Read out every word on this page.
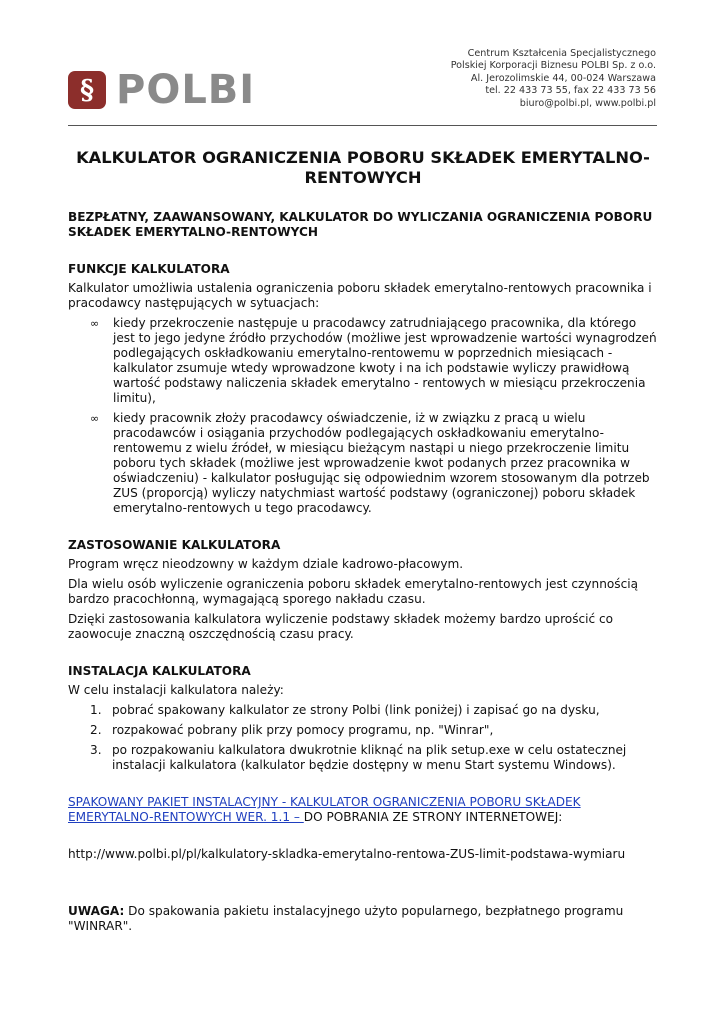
§ POLBI
Centrum Kształcenia Specjalistycznego
Polskiej Korporacji Biznesu POLBI Sp. z o.o.
Al. Jerozolimskie 44, 00-024 Warszawa
tel. 22 433 73 55, fax 22 433 73 56
biuro@polbi.pl, www.polbi.pl
KALKULATOR OGRANICZENIA POBORU SKŁADEK EMERYTALNO-RENTOWYCH
BEZPŁATNY, ZAAWANSOWANY, KALKULATOR DO WYLICZANIA OGRANICZENIA POBORU SKŁADEK EMERYTALNO-RENTOWYCH
FUNKCJE KALKULATORA

Kalkulator umożliwia ustalenia ograniczenia poboru składek emerytalno-rentowych pracownika i pracodawcy następujących w sytuacjach:

∞ kiedy przekroczenie następuje u pracodawcy zatrudniającego pracownika, dla którego jest to jego jedyne źródło przychodów (możliwe jest wprowadzenie wartości wynagrodzeń podlegających oskładkowaniu emerytalno-rentowemu w poprzednich miesiącach - kalkulator zsumuje wtedy wprowadzone kwoty i na ich podstawie wyliczy prawidłową wartość podstawy naliczenia składek emerytalno - rentowych w miesiącu przekroczenia limitu),
∞ kiedy pracownik złoży pracodawcy oświadczenie, iż w związku z pracą u wielu pracodawców i osiągania przychodów podlegających oskładkowaniu emerytalno-rentowemu z wielu źródeł, w miesiącu bieżącym nastąpi u niego przekroczenie limitu poboru tych składek (możliwe jest wprowadzenie kwot podanych przez pracownika w oświadczeniu) - kalkulator posługując się odpowiednim wzorem stosowanym dla potrzeb ZUS (proporcją) wyliczy natychmiast wartość podstawy (ograniczonej) poboru składek emerytalno-rentowych u tego pracodawcy.
ZASTOSOWANIE KALKULATORA

Program wręcz nieodzowny w każdym dziale kadrowo-płacowym.

Dla wielu osób wyliczenie ograniczenia poboru składek emerytalno-rentowych jest czynnością bardzo pracochłonną, wymagającą sporego nakładu czasu.

Dzięki zastosowania kalkulatora wyliczenie podstawy składek możemy bardzo uprościć co zaowocuje znaczną oszczędnością czasu pracy.

INSTALACJA KALKULATORA

W celu instalacji kalkulatora należy:

1. pobrać spakowany kalkulator ze strony Polbi (link poniżej) i zapisać go na dysku,
2. rozpakować pobrany plik przy pomocy programu, np. "Winrar",
3. po rozpakowaniu kalkulatora dwukrotnie kliknąć na plik setup.exe w celu ostatecznej instalacji kalkulatora (kalkulator będzie dostępny w menu Start systemu Windows).
SPAKOWANY PAKIET INSTALACYJNY - KALKULATOR OGRANICZENIA POBORU SKŁADEK EMERYTALNO-RENTOWYCH WER. 1.1 – DO POBRANIA ZE STRONY INTERNETOWEJ:
http://www.polbi.pl/pl/kalkulatory-skladka-emerytalno-rentowa-ZUS-limit-podstawa-wymiaru
UWAGA: Do spakowania pakietu instalacyjnego użyto popularnego, bezpłatnego programu "WINRAR".
